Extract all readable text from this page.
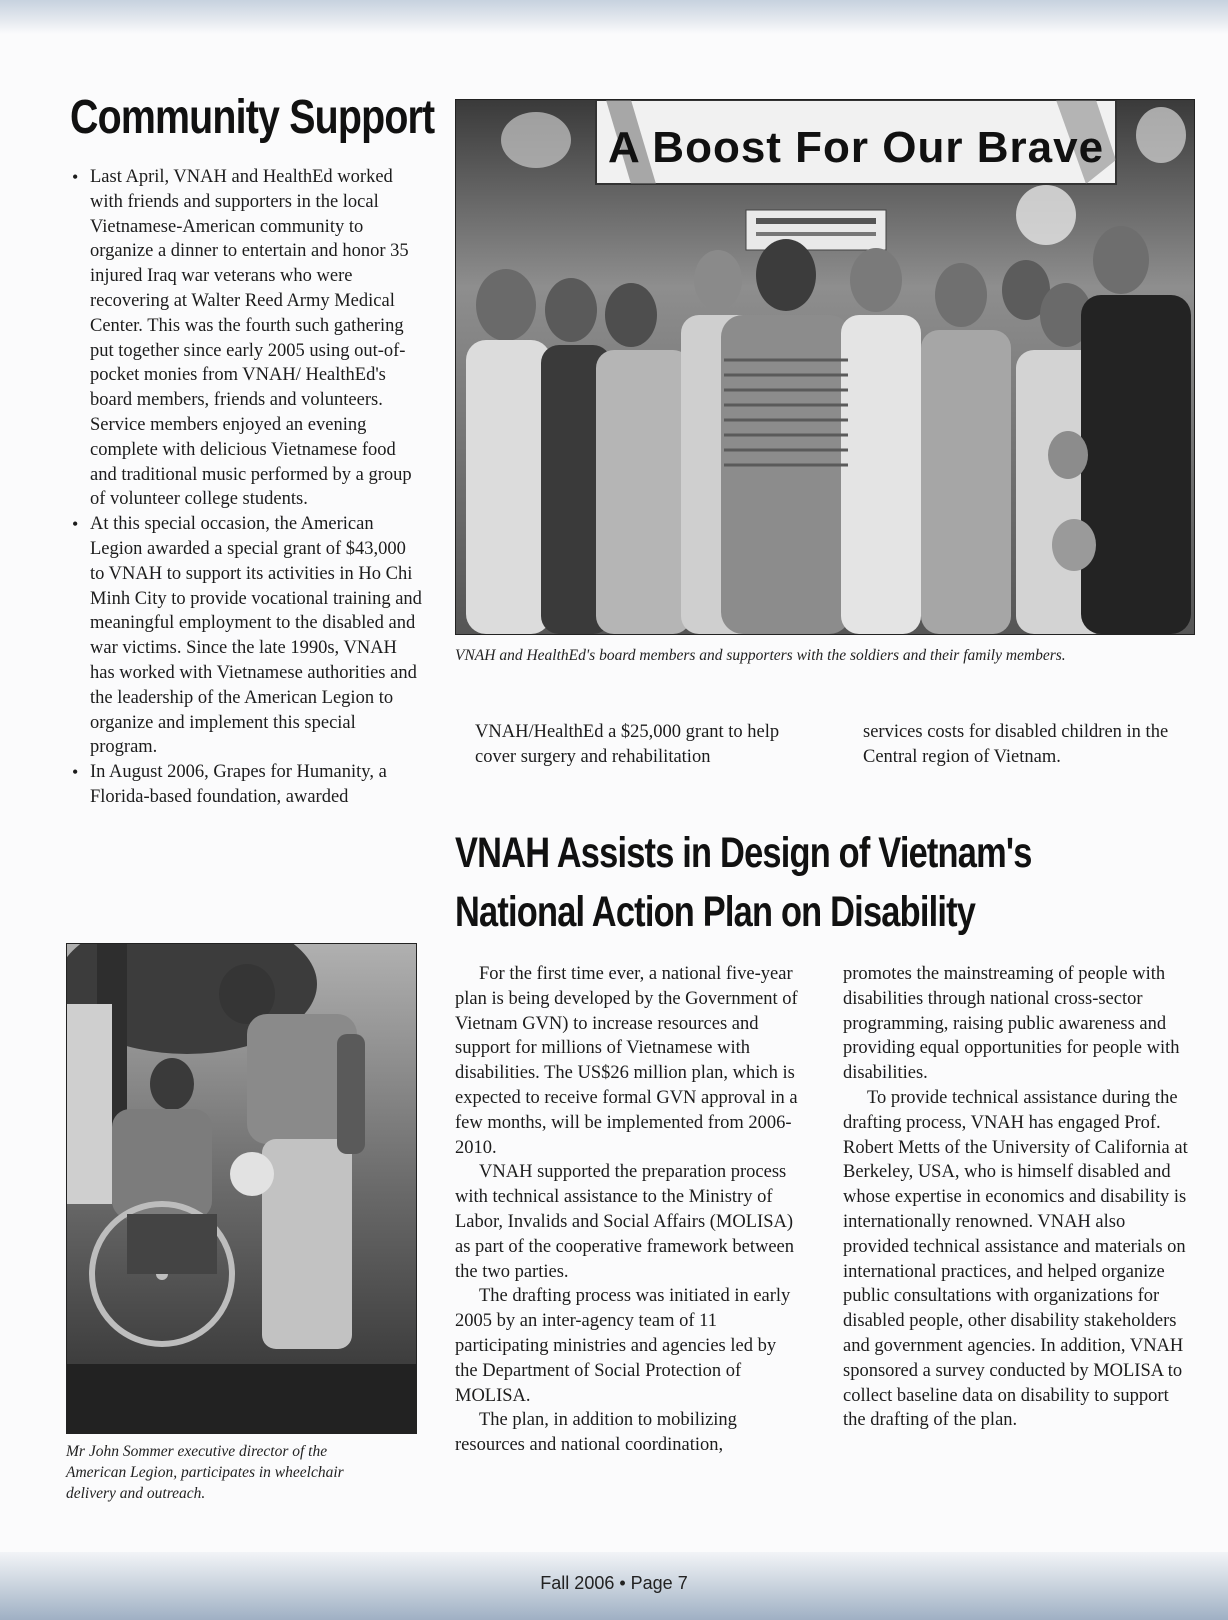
Community Support
• Last April, VNAH and HealthEd worked with friends and supporters in the local Vietnamese-American community to organize a dinner to entertain and honor 35 injured Iraq war veterans who were recovering at Walter Reed Army Medical Center. This was the fourth such gathering put together since early 2005 using out-of-pocket monies from VNAH/ HealthEd's board members, friends and volunteers. Service members enjoyed an evening complete with delicious Vietnamese food and traditional music performed by a group of volunteer college students.
• At this special occasion, the American Legion awarded a special grant of $43,000 to VNAH to support its activities in Ho Chi Minh City to provide vocational training and meaningful employment to the disabled and war victims. Since the late 1990s, VNAH has worked with Vietnamese authorities and the leadership of the American Legion to organize and implement this special program.
• In August 2006, Grapes for Humanity, a Florida-based foundation, awarded
A Boost For Our Brave
VNAH and HealthEd's board members and supporters with the soldiers and their family members.
VNAH/HealthEd a $25,000 grant to help cover surgery and rehabilitation
services costs for disabled children in the Central region of Vietnam.
VNAH Assists in Design of Vietnam's
National Action Plan on Disability

For the first time ever, a national five-year plan is being developed by the Government of Vietnam GVN) to increase resources and support for millions of Vietnamese with disabilities. The US$26 million plan, which is expected to receive formal GVN approval in a few months, will be implemented from 2006-2010.

VNAH supported the preparation process with technical assistance to the Ministry of Labor, Invalids and Social Affairs (MOLISA) as part of the cooperative framework between the two parties.

The drafting process was initiated in early 2005 by an inter-agency team of 11 participating ministries and agencies led by the Department of Social Protection of MOLISA.

The plan, in addition to mobilizing resources and national coordination,

promotes the mainstreaming of people with disabilities through national cross-sector programming, raising public awareness and providing equal opportunities for people with disabilities.

To provide technical assistance during the drafting process, VNAH has engaged Prof. Robert Metts of the University of California at Berkeley, USA, who is himself disabled and whose expertise in economics and disability is internationally renowned. VNAH also provided technical assistance and materials on international practices, and helped organize public consultations with organizations for disabled people, other disability stakeholders and government agencies. In addition, VNAH sponsored a survey conducted by MOLISA to collect baseline data on disability to support the drafting of the plan.

Mr John Sommer executive director of the American Legion, participates in wheelchair delivery and outreach.
Fall 2006 • Page 7
